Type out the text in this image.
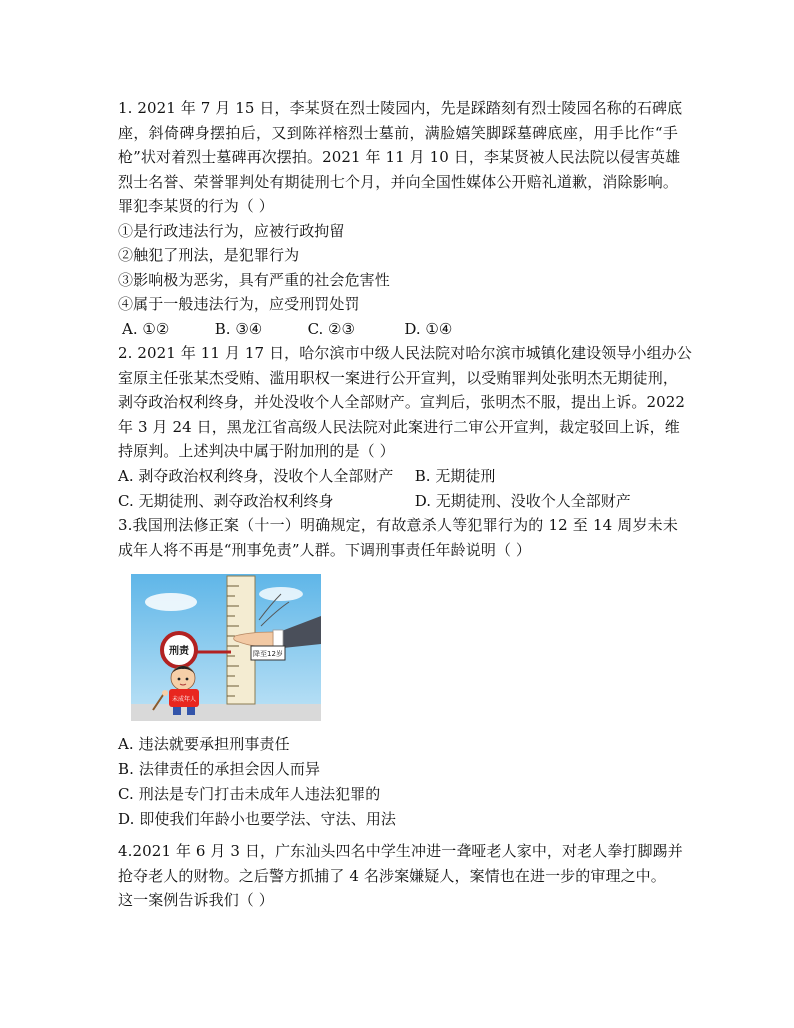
1. 2021 年 7 月 15 日，李某贤在烈士陵园内，先是踩踏刻有烈士陵园名称的石碑底
座，斜倚碑身摆拍后，又到陈祥榕烈士墓前，满脸嬉笑脚踩墓碑底座，用手比作“手
枪”状对着烈士墓碑再次摆拍。2021 年 11 月 10 日，李某贤被人民法院以侵害英雄
烈士名誉、荣誉罪判处有期徒刑七个月，并向全国性媒体公开赔礼道歉，消除影响。
罪犯李某贤的行为（ ）
①是行政违法行为，应被行政拘留
②触犯了刑法，是犯罪行为
③影响极为恶劣，具有严重的社会危害性
④属于一般违法行为，应受刑罚处罚
A. ①②	B. ③④	C. ②③	D. ①④
2. 2021 年 11 月 17 日，哈尔滨市中级人民法院对哈尔滨市城镇化建设领导小组办公
室原主任张某杰受贿、滥用职权一案进行公开宣判，以受贿罪判处张明杰无期徒刑，
剥夺政治权利终身，并处没收个人全部财产。宣判后，张明杰不服，提出上诉。2022
年 3 月 24 日，黑龙江省高级人民法院对此案进行二审公开宣判，裁定驳回上诉，维
持原判。上述判决中属于附加刑的是（ ）
A. 剥夺政治权利终身，没收个人全部财产 B. 无期徒刑
C. 无期徒刑、剥夺政治权利终身	D. 无期徒刑、没收个人全部财产
3.我国刑法修正案（十一）明确规定，有故意杀人等犯罪行为的 12 至 14 周岁未未
成年人将不再是“刑事免责”人群。下调刑事责任年龄说明（ ）
降至12岁
刑责
未成年人
A. 违法就要承担刑事责任
B. 法律责任的承担会因人而异
C. 刑法是专门打击未成年人违法犯罪的
D. 即使我们年龄小也要学法、守法、用法
4.2021 年 6 月 3 日，广东汕头四名中学生冲进一聋哑老人家中，对老人拳打脚踢并
抢夺老人的财物。之后警方抓捕了 4 名涉案嫌疑人，案情也在进一步的审理之中。
这一案例告诉我们（ ）
